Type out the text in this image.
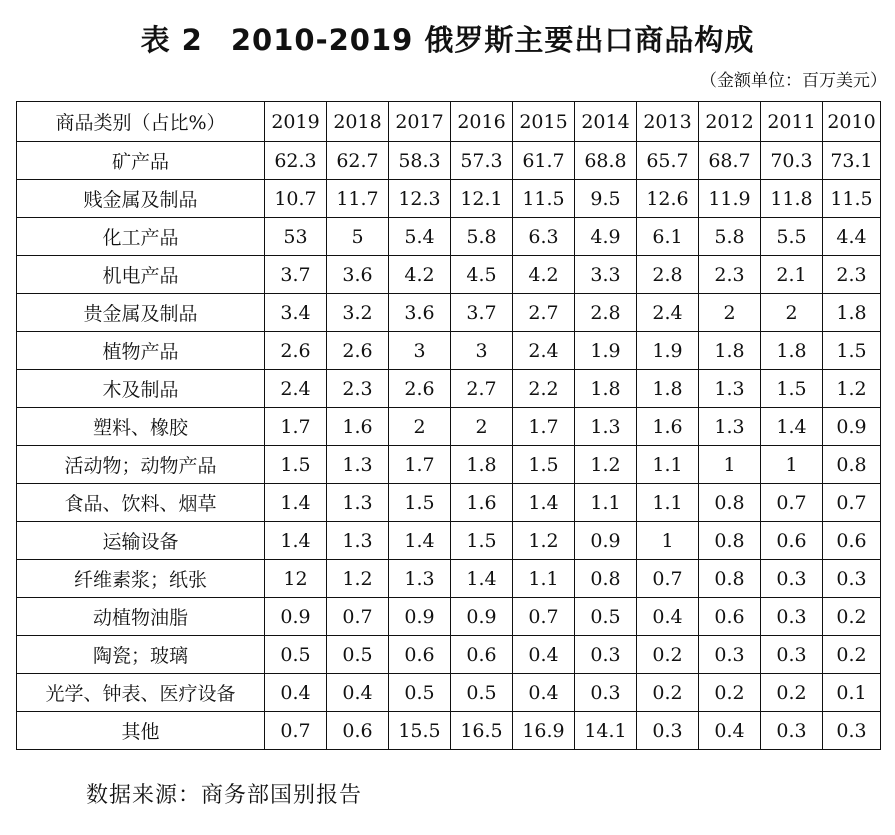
表 2 2010-2019 俄罗斯主要出口商品构成
（金额单位：百万美元）
商品类别（占比%）	2019	2018	2017	2016	2015	2014	2013	2012	2011	2010
矿产品	62.3	62.7	58.3	57.3	61.7	68.8	65.7	68.7	70.3	73.1
贱金属及制品	10.7	11.7	12.3	12.1	11.5	9.5	12.6	11.9	11.8	11.5
化工产品	53	5	5.4	5.8	6.3	4.9	6.1	5.8	5.5	4.4
机电产品	3.7	3.6	4.2	4.5	4.2	3.3	2.8	2.3	2.1	2.3
贵金属及制品	3.4	3.2	3.6	3.7	2.7	2.8	2.4	2	2	1.8
植物产品	2.6	2.6	3	3	2.4	1.9	1.9	1.8	1.8	1.5
木及制品	2.4	2.3	2.6	2.7	2.2	1.8	1.8	1.3	1.5	1.2
塑料、橡胶	1.7	1.6	2	2	1.7	1.3	1.6	1.3	1.4	0.9
活动物；动物产品	1.5	1.3	1.7	1.8	1.5	1.2	1.1	1	1	0.8
食品、饮料、烟草	1.4	1.3	1.5	1.6	1.4	1.1	1.1	0.8	0.7	0.7
运输设备	1.4	1.3	1.4	1.5	1.2	0.9	1	0.8	0.6	0.6
纤维素浆；纸张	12	1.2	1.3	1.4	1.1	0.8	0.7	0.8	0.3	0.3
动植物油脂	0.9	0.7	0.9	0.9	0.7	0.5	0.4	0.6	0.3	0.2
陶瓷；玻璃	0.5	0.5	0.6	0.6	0.4	0.3	0.2	0.3	0.3	0.2
光学、钟表、医疗设备	0.4	0.4	0.5	0.5	0.4	0.3	0.2	0.2	0.2	0.1
其他	0.7	0.6	15.5	16.5	16.9	14.1	0.3	0.4	0.3	0.3
数据来源：商务部国别报告
